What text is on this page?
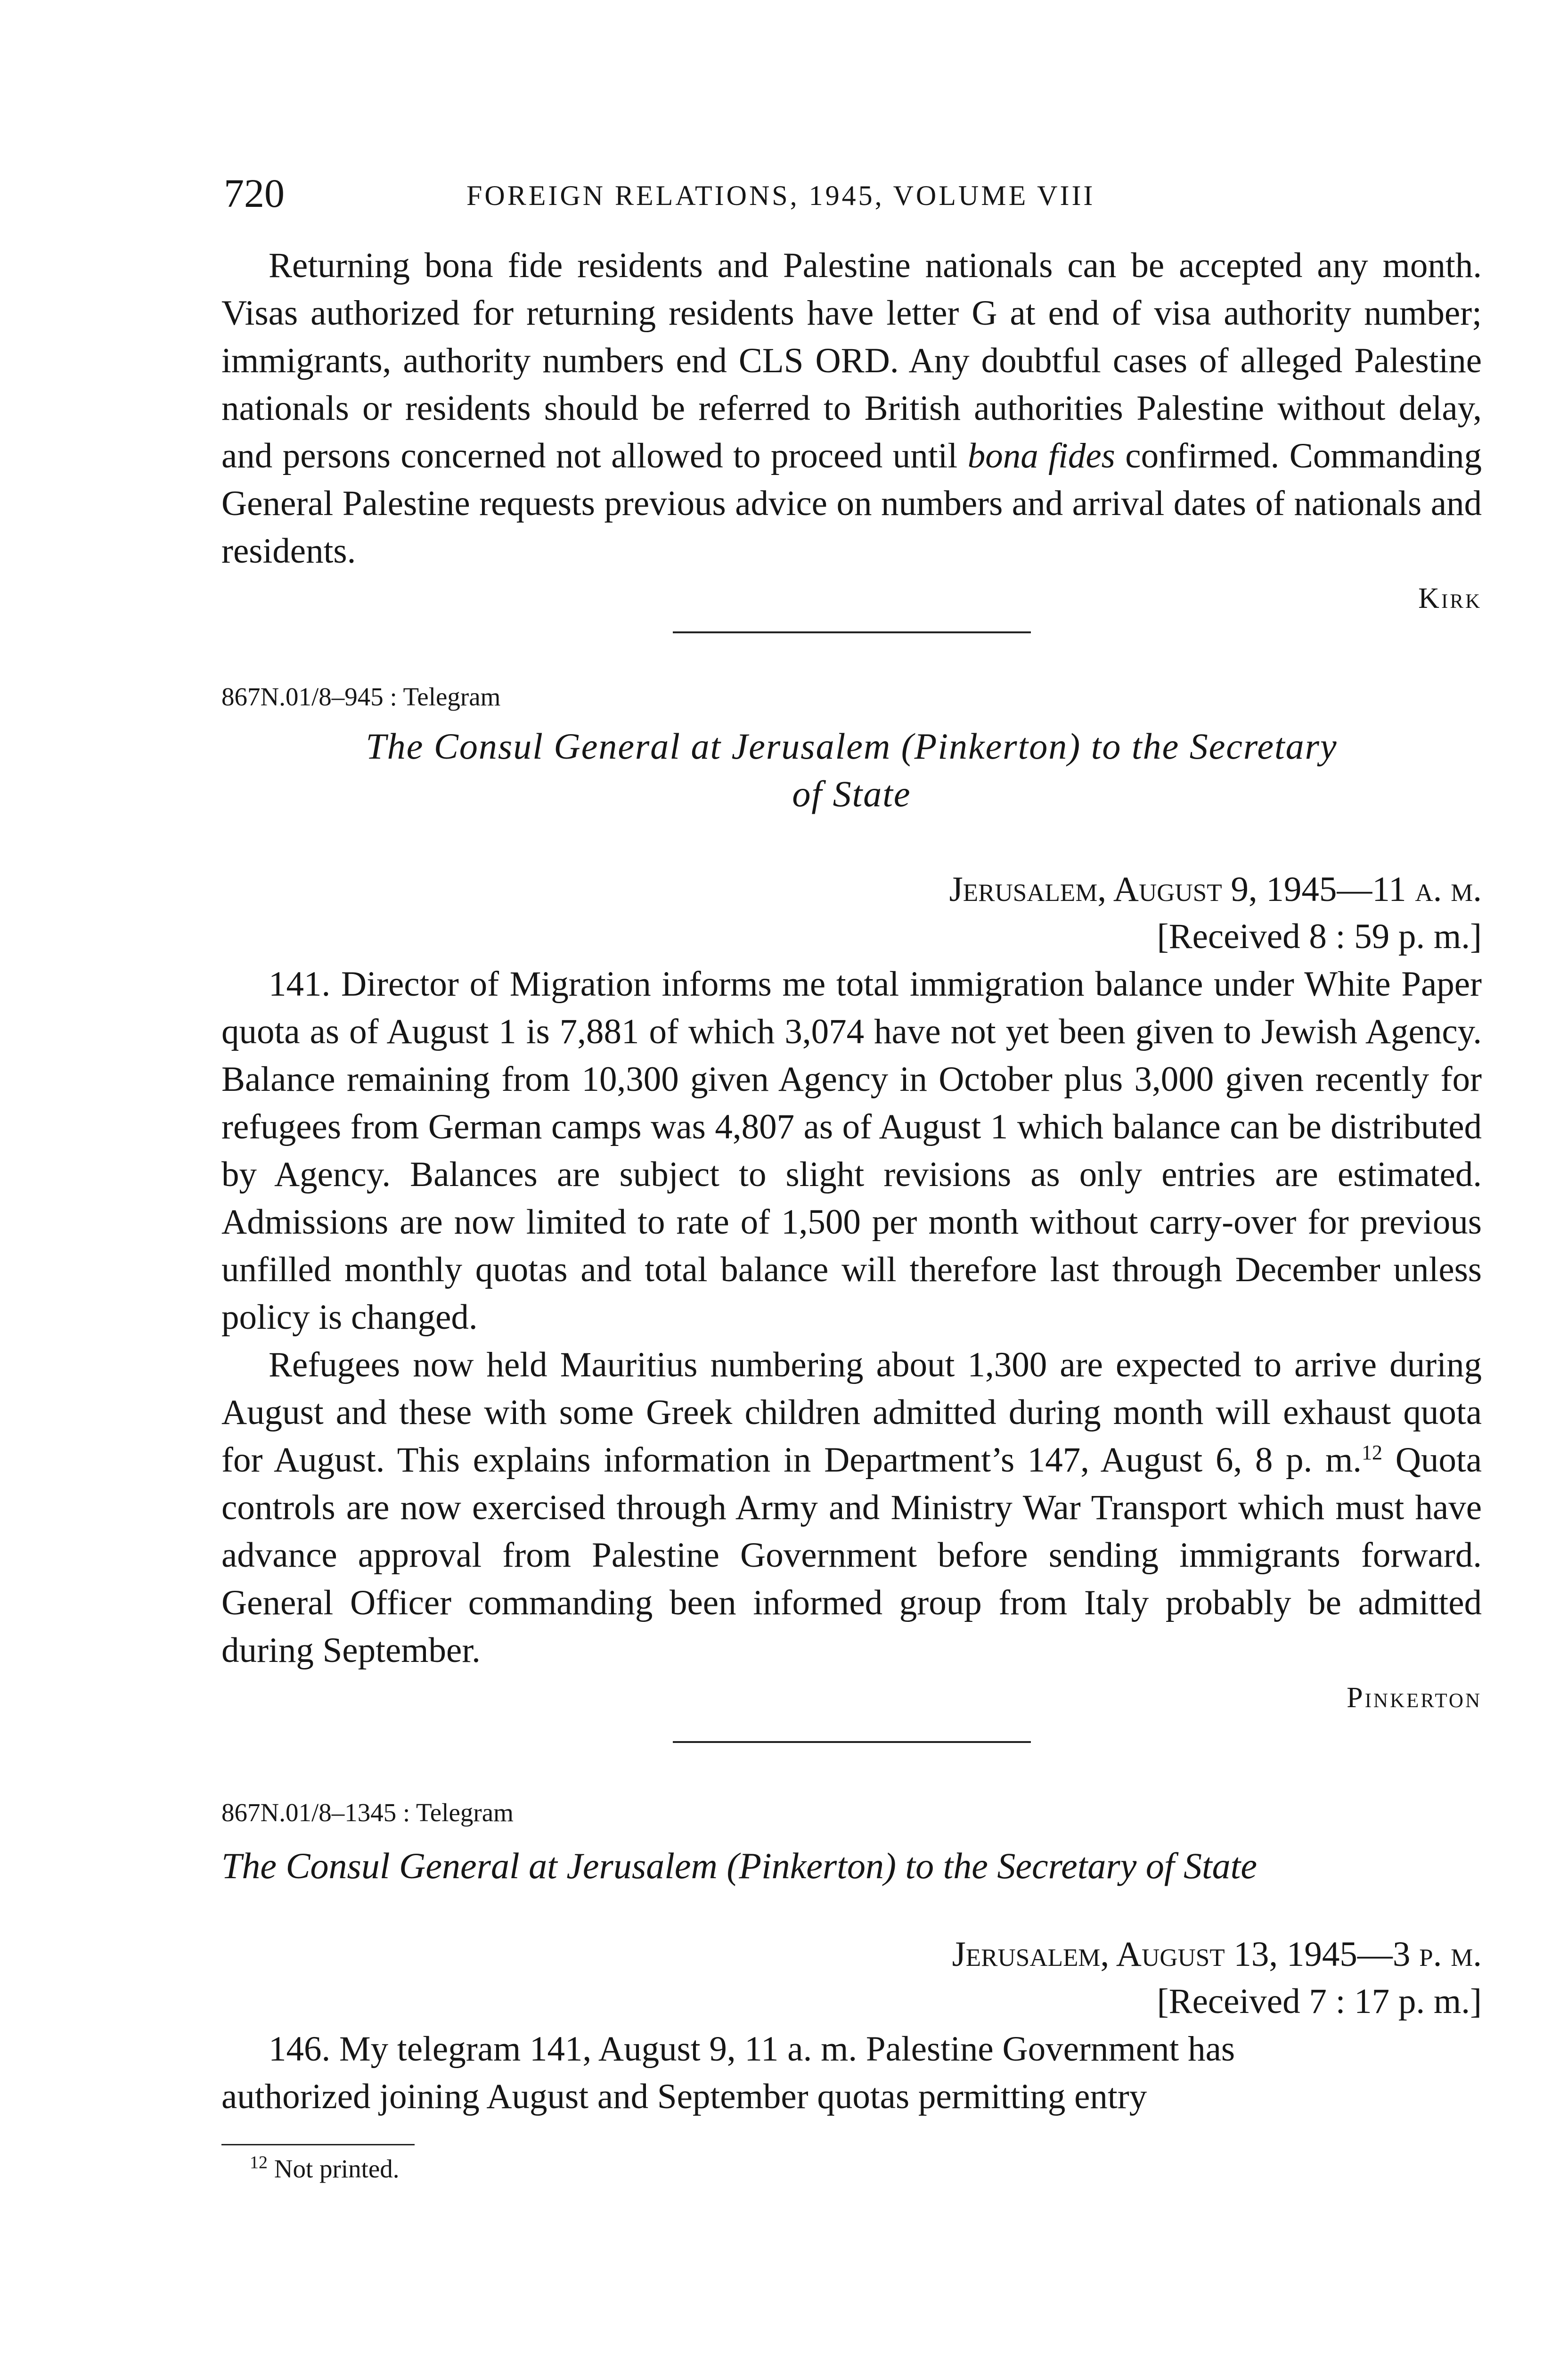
720	FOREIGN RELATIONS, 1945, VOLUME VIII

Returning bona fide residents and Palestine nationals can be accepted any month. Visas authorized for returning residents have letter G at end of visa authority number; immigrants, authority numbers end CLS ORD. Any doubtful cases of alleged Palestine nationals or residents should be referred to British authorities Palestine without delay, and persons concerned not allowed to proceed until bona fides confirmed. Commanding General Palestine requests previous advice on numbers and arrival dates of nationals and residents.

Kirk

867N.01/8–945 : Telegram

The Consul General at Jerusalem (Pinkerton) to the Secretary
of State

Jerusalem, August 9, 1945—11 a. m.

[Received 8 : 59 p. m.]

141. Director of Migration informs me total immigration balance under White Paper quota as of August 1 is 7,881 of which 3,074 have not yet been given to Jewish Agency. Balance remaining from 10,300 given Agency in October plus 3,000 given recently for refugees from German camps was 4,807 as of August 1 which balance can be distributed by Agency. Balances are subject to slight revisions as only entries are estimated. Admissions are now limited to rate of 1,500 per month without carry-over for previous unfilled monthly quotas and total balance will therefore last through December unless policy is changed.

Refugees now held Mauritius numbering about 1,300 are expected to arrive during August and these with some Greek children admitted during month will exhaust quota for August. This explains information in Department’s 147, August 6, 8 p. m.$^{12}$ Quota controls are now exercised through Army and Ministry War Transport which must have advance approval from Palestine Government before sending immigrants forward. General Officer commanding been informed group from Italy probably be admitted during September.

Pinkerton

867N.01/8–1345 : Telegram

The Consul General at Jerusalem (Pinkerton) to the Secretary of State

Jerusalem, August 13, 1945—3 p. m.

[Received 7 : 17 p. m.]

146. My telegram 141, August 9, 11 a. m. Palestine Government has

authorized joining August and September quotas permitting entry

$^{12}$ Not printed.
